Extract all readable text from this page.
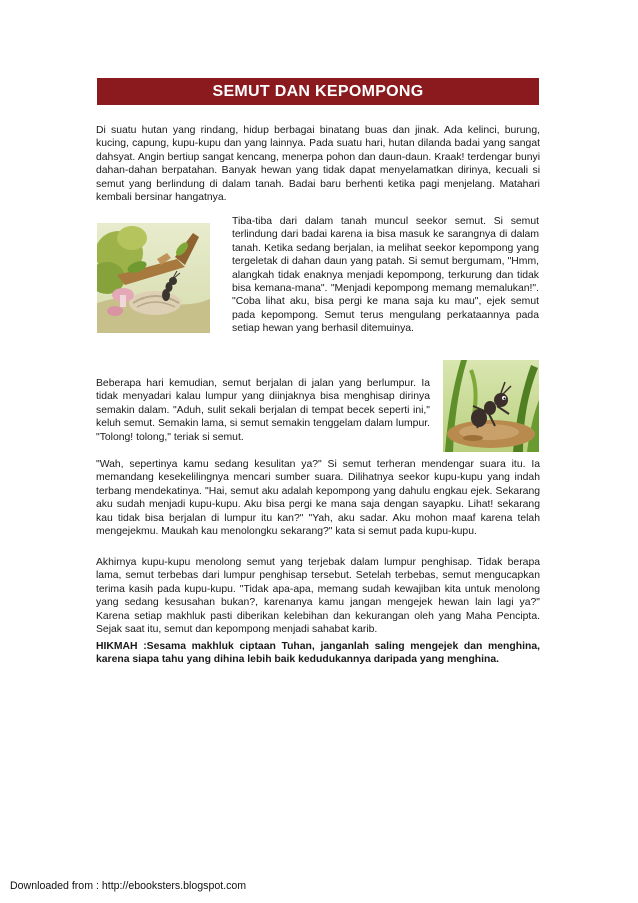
SEMUT DAN KEPOMPONG

Di suatu hutan yang rindang, hidup berbagai binatang buas dan jinak. Ada kelinci, burung, kucing, capung, kupu-kupu dan yang lainnya. Pada suatu hari, hutan dilanda badai yang sangat dahsyat. Angin bertiup sangat kencang, menerpa pohon dan daun-daun. Kraak! terdengar bunyi dahan-dahan berpatahan. Banyak hewan yang tidak dapat menyelamatkan dirinya, kecuali si semut yang berlindung di dalam tanah. Badai baru berhenti ketika pagi menjelang. Matahari kembali bersinar hangatnya.

Tiba-tiba dari dalam tanah muncul seekor semut. Si semut terlindung dari badai karena ia bisa masuk ke sarangnya di dalam tanah. Ketika sedang berjalan, ia melihat seekor kepompong yang tergeletak di dahan daun yang patah. Si semut bergumam, "Hmm, alangkah tidak enaknya menjadi kepompong, terkurung dan tidak bisa kemana-mana". "Menjadi kepompong memang memalukan!". "Coba lihat aku, bisa pergi ke mana saja ku mau", ejek semut pada kepompong. Semut terus mengulang perkataannya pada setiap hewan yang berhasil ditemuinya.

Beberapa hari kemudian, semut berjalan di jalan yang berlumpur. Ia tidak menyadari kalau lumpur yang diinjaknya bisa menghisap dirinya semakin dalam. "Aduh, sulit sekali berjalan di tempat becek seperti ini," keluh semut. Semakin lama, si semut semakin tenggelam dalam lumpur. "Tolong! tolong," teriak si semut.

"Wah, sepertinya kamu sedang kesulitan ya?" Si semut terheran mendengar suara itu. Ia memandang kesekelilingnya mencari sumber suara. Dilihatnya seekor kupu-kupu yang indah terbang mendekatinya. "Hai, semut aku adalah kepompong yang dahulu engkau ejek. Sekarang aku sudah menjadi kupu-kupu. Aku bisa pergi ke mana saja dengan sayapku. Lihat! sekarang kau tidak bisa berjalan di lumpur itu kan?" "Yah, aku sadar. Aku mohon maaf karena telah mengejekmu. Maukah kau menolongku sekarang?" kata si semut pada kupu-kupu.

Akhirnya kupu-kupu menolong semut yang terjebak dalam lumpur penghisap. Tidak berapa lama, semut terbebas dari lumpur penghisap tersebut. Setelah terbebas, semut mengucapkan terima kasih pada kupu-kupu. "Tidak apa-apa, memang sudah kewajiban kita untuk menolong yang sedang kesusahan bukan?, karenanya kamu jangan mengejek hewan lain lagi ya?" Karena setiap makhluk pasti diberikan kelebihan dan kekurangan oleh yang Maha Pencipta. Sejak saat itu, semut dan kepompong menjadi sahabat karib.

HIKMAH :Sesama makhluk ciptaan Tuhan, janganlah saling mengejek dan menghina, karena siapa tahu yang dihina lebih baik kedudukannya daripada yang menghina.

Downloaded from : http://ebooksters.blogspot.com
